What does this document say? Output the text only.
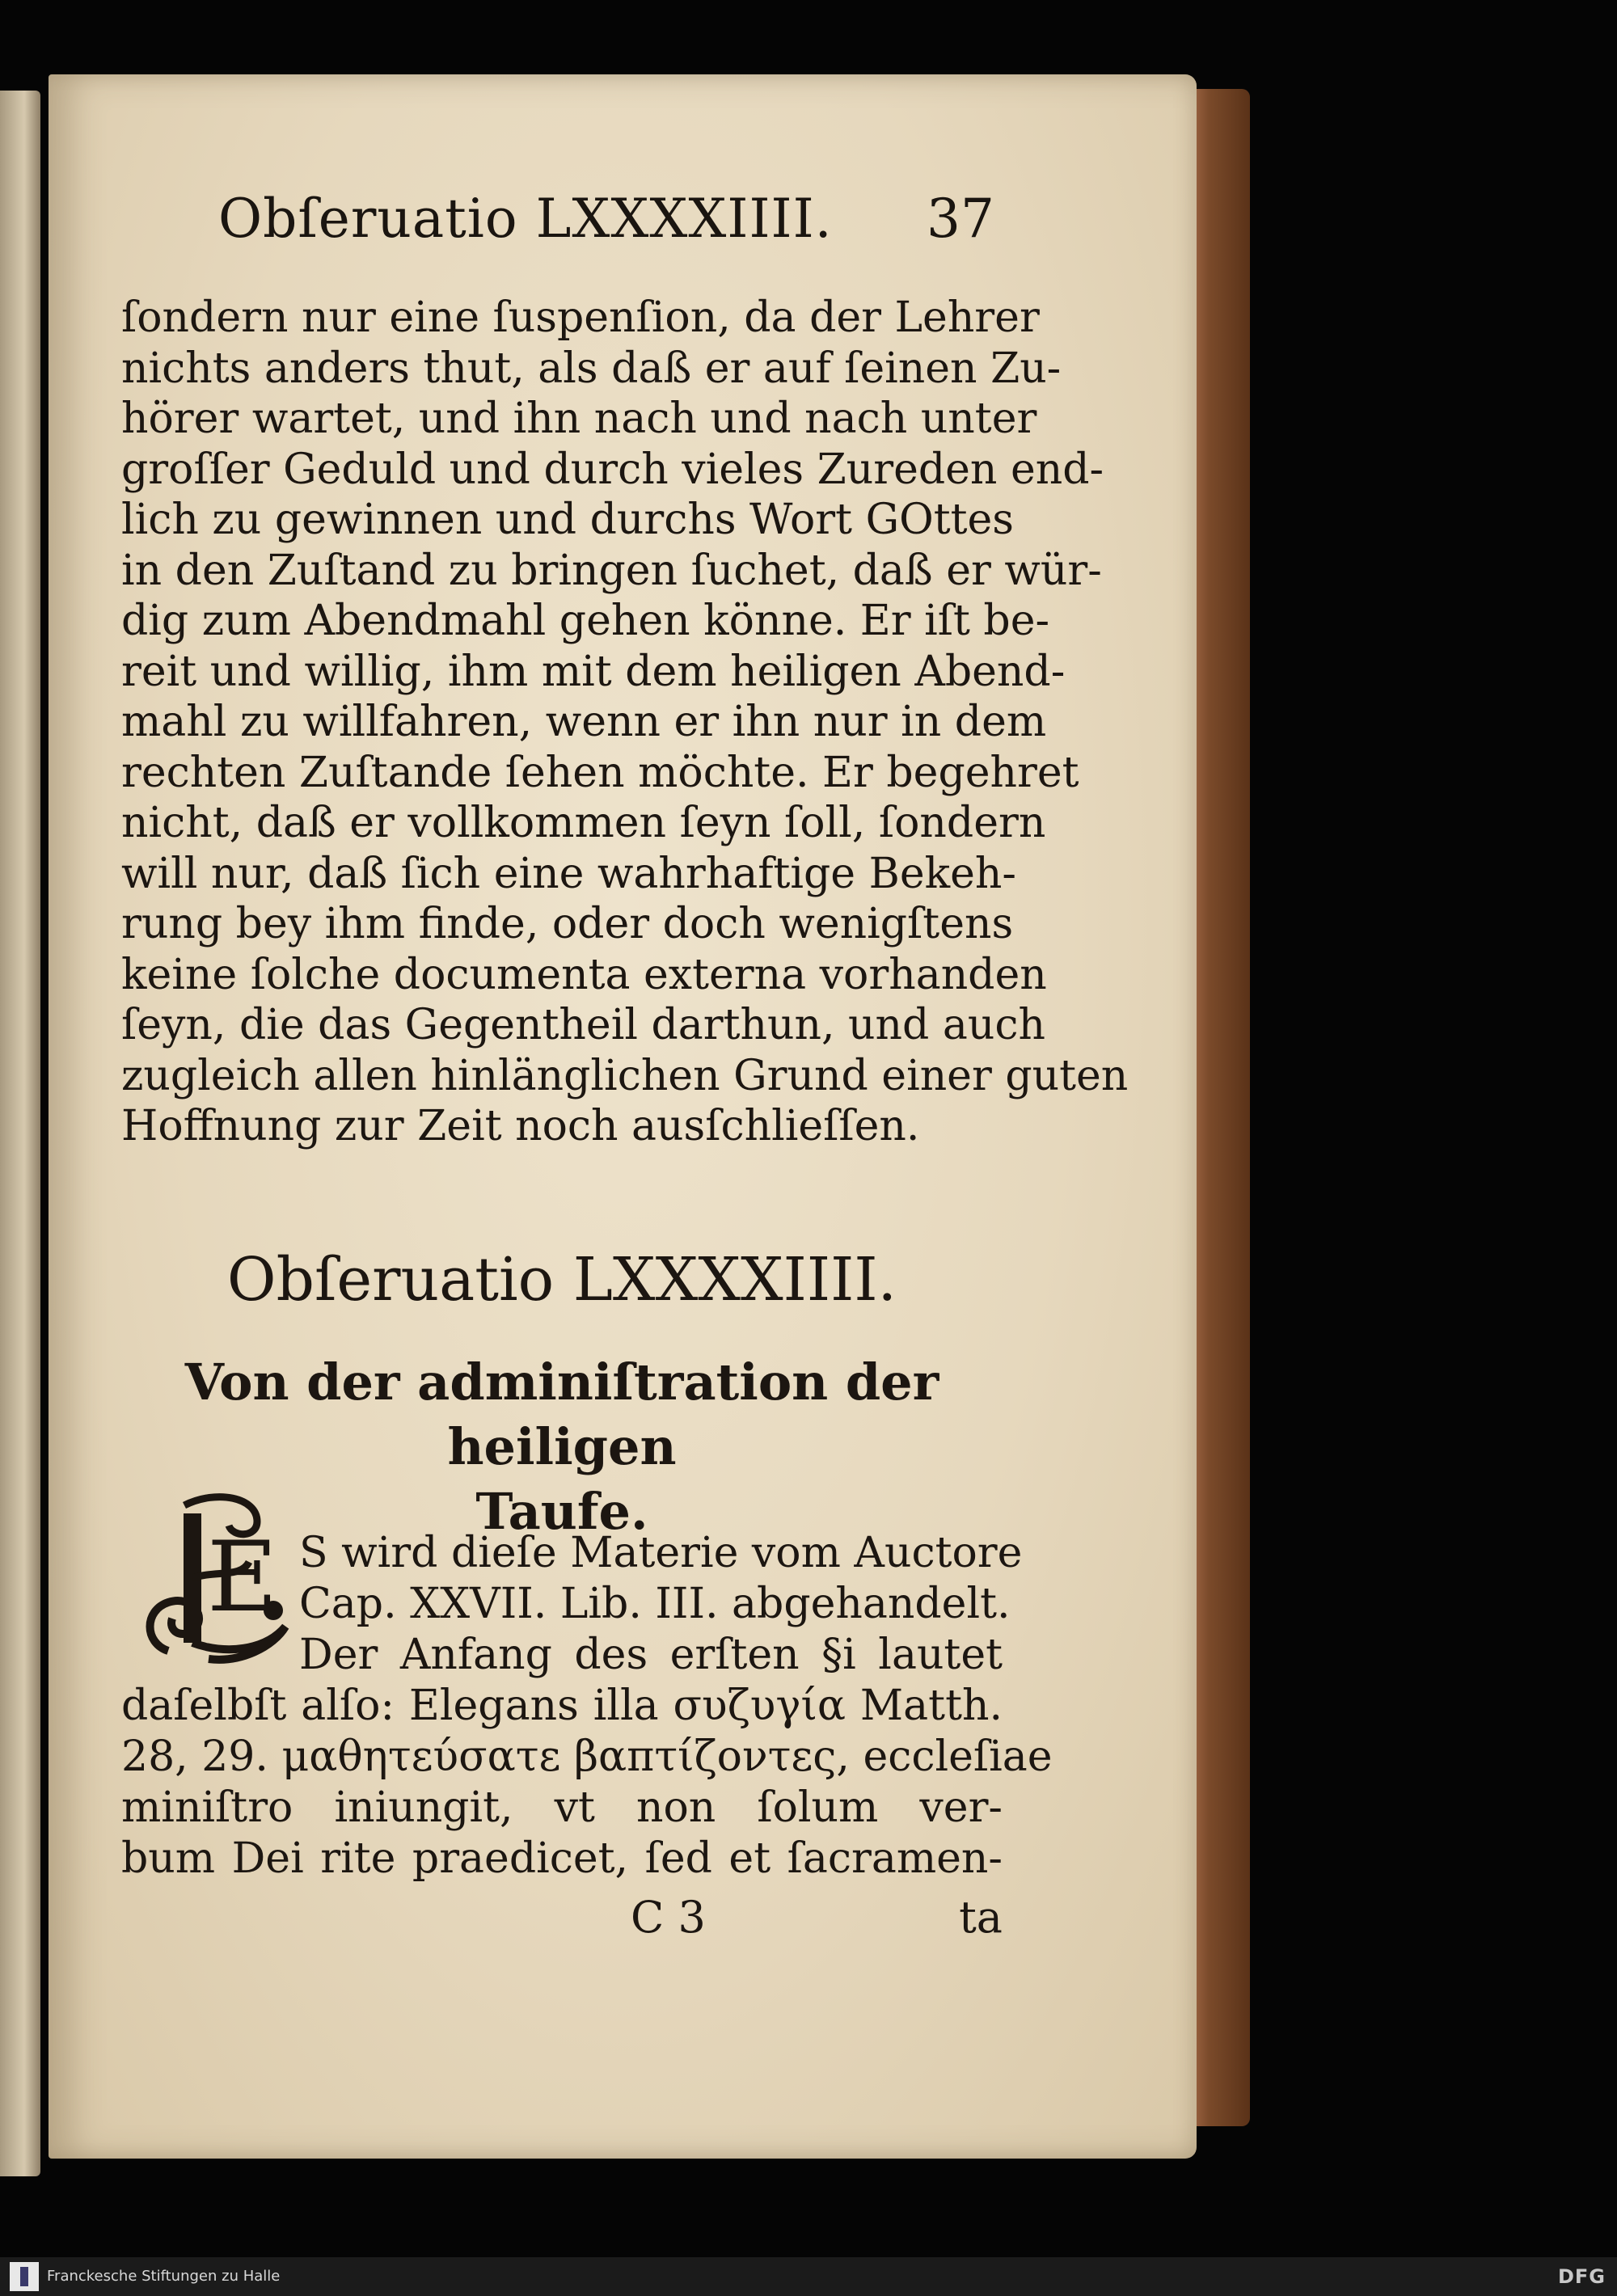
Obſeruatio LXXXXIIII. 37
ſondern nur eine ſuspenſion, da der Lehrer
nichts anders thut, als daß er auf ſeinen Zu-
hörer wartet, und ihn nach und nach unter
groſſer Geduld und durch vieles Zureden end-
lich zu gewinnen und durchs Wort GOttes
in den Zuſtand zu bringen ſuchet, daß er wür-
dig zum Abendmahl gehen könne. Er iſt be-
reit und willig, ihm mit dem heiligen Abend-
mahl zu willfahren, wenn er ihn nur in dem
rechten Zuſtande ſehen möchte. Er begehret
nicht, daß er vollkommen ſeyn ſoll, ſondern
will nur, daß ſich eine wahrhaftige Bekeh-
rung bey ihm finde, oder doch wenigſtens
keine ſolche documenta externa vorhanden
ſeyn, die das Gegentheil darthun, und auch
zugleich allen hinlänglichen Grund einer guten
Hoffnung zur Zeit noch ausſchlieſſen.
Obſeruatio LXXXXIIII.
Von der adminiſtration der heiligen
Taufe.
E S wird dieſe Materie vom Auctore
Cap. XXVII. Lib. III. abgehandelt.
Der Anfang des erſten §i lautet
daſelbſt alſo: Elegans illa συζυγία Matth.
28, 29. μαθητεύσατε βαπτίζοντες, eccleſiae
miniſtro iniungit, vt non ſolum ver-
bum Dei rite praedicet, ſed et ſacramen-
C 3	ta
Franckesche Stiftungen zu Halle	DFG
